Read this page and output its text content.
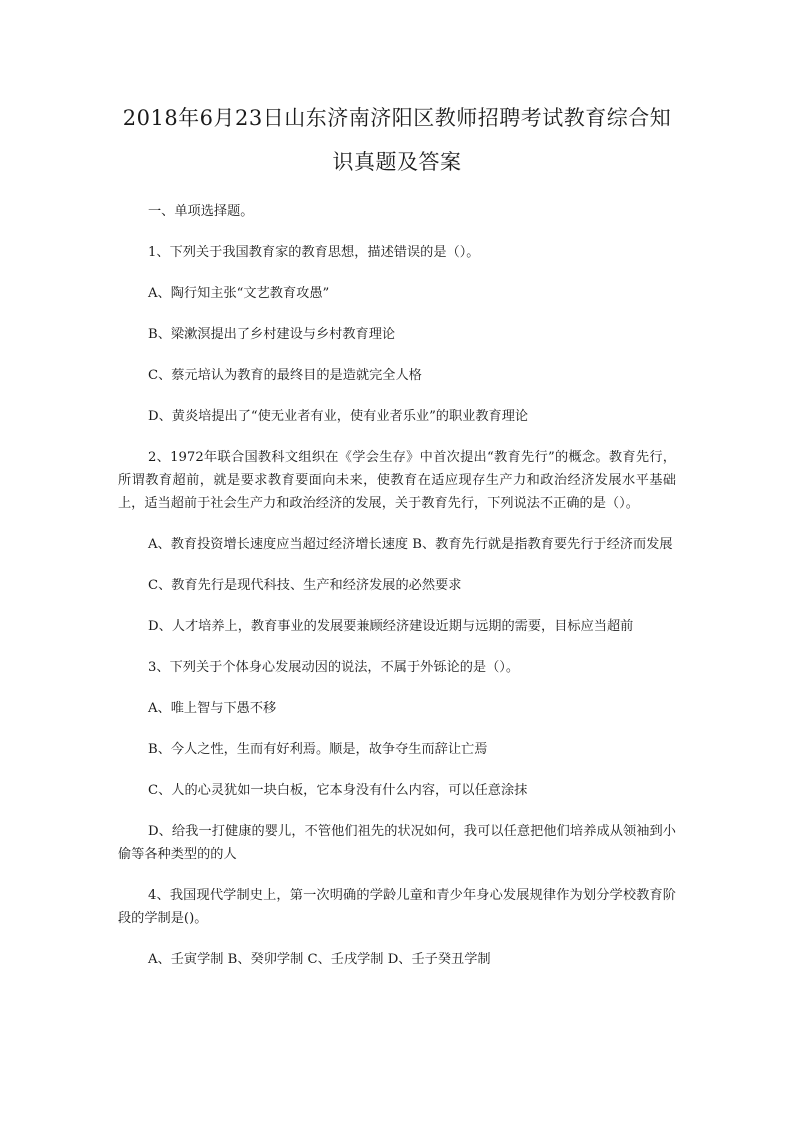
2018年6月23日山东济南济阳区教师招聘考试教育综合知识真题及答案

一、单项选择题。

1、下列关于我国教育家的教育思想，描述错误的是（）。

A、陶行知主张“文艺教育攻愚”

B、梁漱溟提出了乡村建设与乡村教育理论

C、蔡元培认为教育的最终目的是造就完全人格

D、黄炎培提出了“使无业者有业，使有业者乐业”的职业教育理论

2、1972年联合国教科文组织在《学会生存》中首次提出“教育先行”的概念。教育先行，所谓教育超前，就是要求教育要面向未来，使教育在适应现存生产力和政治经济发展水平基础上，适当超前于社会生产力和政治经济的发展，关于教育先行，下列说法不正确的是（）。

A、教育投资增长速度应当超过经济增长速度 B、教育先行就是指教育要先行于经济而发展

C、教育先行是现代科技、生产和经济发展的必然要求

D、人才培养上，教育事业的发展要兼顾经济建设近期与远期的需要，目标应当超前

3、下列关于个体身心发展动因的说法，不属于外铄论的是（）。

A、唯上智与下愚不移

B、今人之性，生而有好利焉。顺是，故争夺生而辞让亡焉

C、人的心灵犹如一块白板，它本身没有什么内容，可以任意涂抹

D、给我一打健康的婴儿，不管他们祖先的状况如何，我可以任意把他们培养成从领袖到小偷等各种类型的的人

4、我国现代学制史上，第一次明确的学龄儿童和青少年身心发展规律作为划分学校教育阶段的学制是()。

A、壬寅学制 B、癸卯学制 C、壬戌学制 D、壬子癸丑学制
